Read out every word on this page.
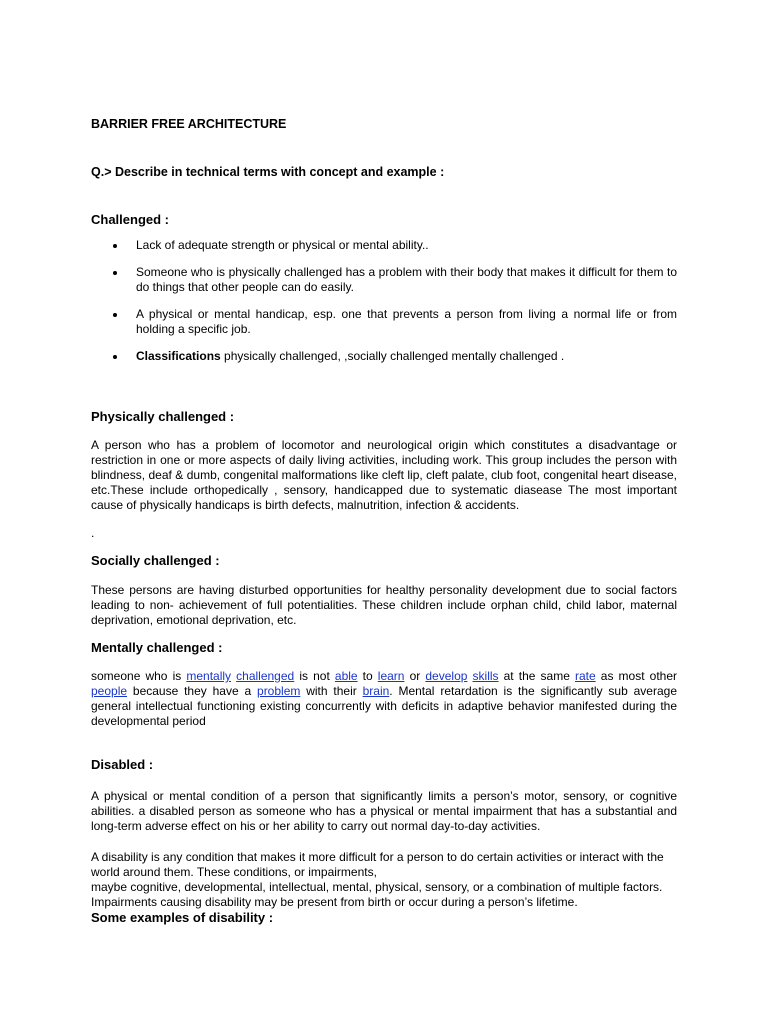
BARRIER FREE ARCHITECTURE
Q.> Describe in technical terms with concept and example :
Challenged :
Lack of adequate strength or physical or mental ability..
Someone who is physically challenged has a problem with their body that makes it difficult for them to do things that other people can do easily.
A physical or mental handicap, esp. one that prevents a person from living a normal life or from holding a specific job.
Classifications physically challenged, ,socially challenged mentally challenged .
Physically challenged :
A person who has a problem of locomotor and neurological origin which constitutes a disadvantage or restriction in one or more aspects of daily living activities, including work. This group includes the person with blindness, deaf & dumb, congenital malformations like cleft lip, cleft palate, club foot, congenital heart disease, etc.These include orthopedically , sensory, handicapped due to systematic diasease The most important cause of physically handicaps is birth defects, malnutrition, infection & accidents.
.
Socially challenged :
These persons are having disturbed opportunities for healthy personality development due to social factors leading to non- achievement of full potentialities. These children include orphan child, child labor, maternal deprivation, emotional deprivation, etc.
Mentally challenged :
someone who is mentally challenged is not able to learn or develop skills at the same rate as most other people because they have a problem with their brain. Mental retardation is the significantly sub average general intellectual functioning existing concurrently with deficits in adaptive behavior manifested during the developmental period
Disabled :
A physical or mental condition of a person that significantly limits a person’s motor, sensory, or cognitive abilities. a disabled person as someone who has a physical or mental impairment that has a substantial and long-term adverse effect on his or her ability to carry out normal day-to-day activities.
A disability is any condition that makes it more difficult for a person to do certain activities or interact with the world around them. These conditions, or impairments,
maybe cognitive, developmental, intellectual, mental, physical, sensory, or a combination of multiple factors. Impairments causing disability may be present from birth or occur during a person’s lifetime.
Some examples of disability :
